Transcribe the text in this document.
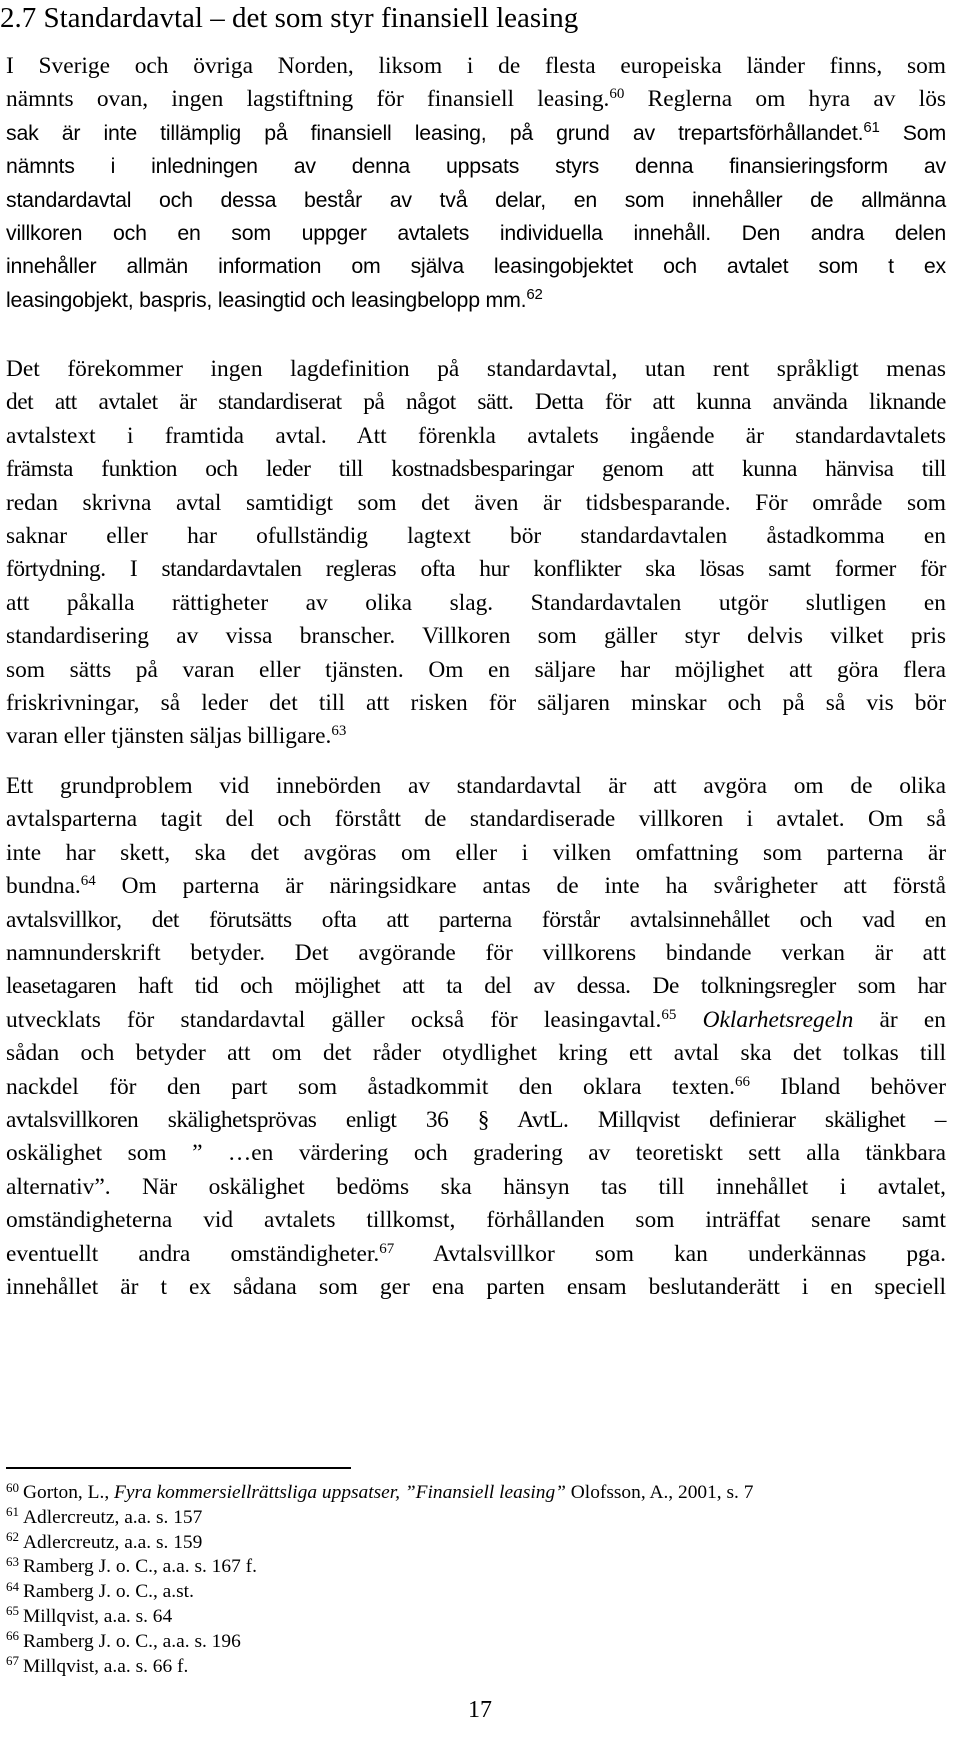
2.7 Standardavtal – det som styr finansiell leasing
I Sverige och övriga Norden, liksom i de flesta europeiska länder finns, som
nämnts ovan, ingen lagstiftning för finansiell leasing.$^{60}$ Reglerna om hyra av lös
sak är inte tillämplig på finansiell leasing, på grund av trepartsförhållandet.$^{61}$ Som
nämnts i inledningen av denna uppsats styrs denna finansieringsform av
standardavtal och dessa består av två delar, en som innehåller de allmänna
villkoren och en som uppger avtalets individuella innehåll. Den andra delen
innehåller allmän information om själva leasingobjektet och avtalet som t ex
leasingobjekt, baspris, leasingtid och leasingbelopp mm.$^{62}$
Det förekommer ingen lagdefinition på standardavtal, utan rent språkligt menas
det att avtalet är standardiserat på något sätt. Detta för att kunna använda liknande
avtalstext i framtida avtal. Att förenkla avtalets ingående är standardavtalets
främsta funktion och leder till kostnadsbesparingar genom att kunna hänvisa till
redan skrivna avtal samtidigt som det även är tidsbesparande. För område som
saknar eller har ofullständig lagtext bör standardavtalen åstadkomma en
förtydning. I standardavtalen regleras ofta hur konflikter ska lösas samt former för
att påkalla rättigheter av olika slag. Standardavtalen utgör slutligen en
standardisering av vissa branscher. Villkoren som gäller styr delvis vilket pris
som sätts på varan eller tjänsten. Om en säljare har möjlighet att göra flera
friskrivningar, så leder det till att risken för säljaren minskar och på så vis bör
varan eller tjänsten säljas billigare.$^{63}$
Ett grundproblem vid innebörden av standardavtal är att avgöra om de olika
avtalsparterna tagit del och förstått de standardiserade villkoren i avtalet. Om så
inte har skett, ska det avgöras om eller i vilken omfattning som parterna är
bundna.$^{64}$ Om parterna är näringsidkare antas de inte ha svårigheter att förstå
avtalsvillkor, det förutsätts ofta att parterna förstår avtalsinnehållet och vad en
namnunderskrift betyder. Det avgörande för villkorens bindande verkan är att
leasetagaren haft tid och möjlighet att ta del av dessa. De tolkningsregler som har
utvecklats för standardavtal gäller också för leasingavtal.$^{65}$ Oklarhetsregeln är en
sådan och betyder att om det råder otydlighet kring ett avtal ska det tolkas till
nackdel för den part som åstadkommit den oklara texten.$^{66}$ Ibland behöver
avtalsvillkoren skälighetsprövas enligt 36 § AvtL. Millqvist definierar skälighet –
oskälighet som ” …en värdering och gradering av teoretiskt sett alla tänkbara
alternativ”. När oskälighet bedöms ska hänsyn tas till innehållet i avtalet,
omständigheterna vid avtalets tillkomst, förhållanden som inträffat senare samt
eventuellt andra omständigheter.$^{67}$ Avtalsvillkor som kan underkännas pga.
innehållet är t ex sådana som ger ena parten ensam beslutanderätt i en speciell
$^{60}$ Gorton, L., Fyra kommersiellrättsliga uppsatser, ”Finansiell leasing” Olofsson, A., 2001, s. 7
$^{61}$ Adlercreutz, a.a. s. 157
$^{62}$ Adlercreutz, a.a. s. 159
$^{63}$ Ramberg J. o. C., a.a. s. 167 f.
$^{64}$ Ramberg J. o. C., a.st.
$^{65}$ Millqvist, a.a. s. 64
$^{66}$ Ramberg J. o. C., a.a. s. 196
$^{67}$ Millqvist, a.a. s. 66 f.
17
